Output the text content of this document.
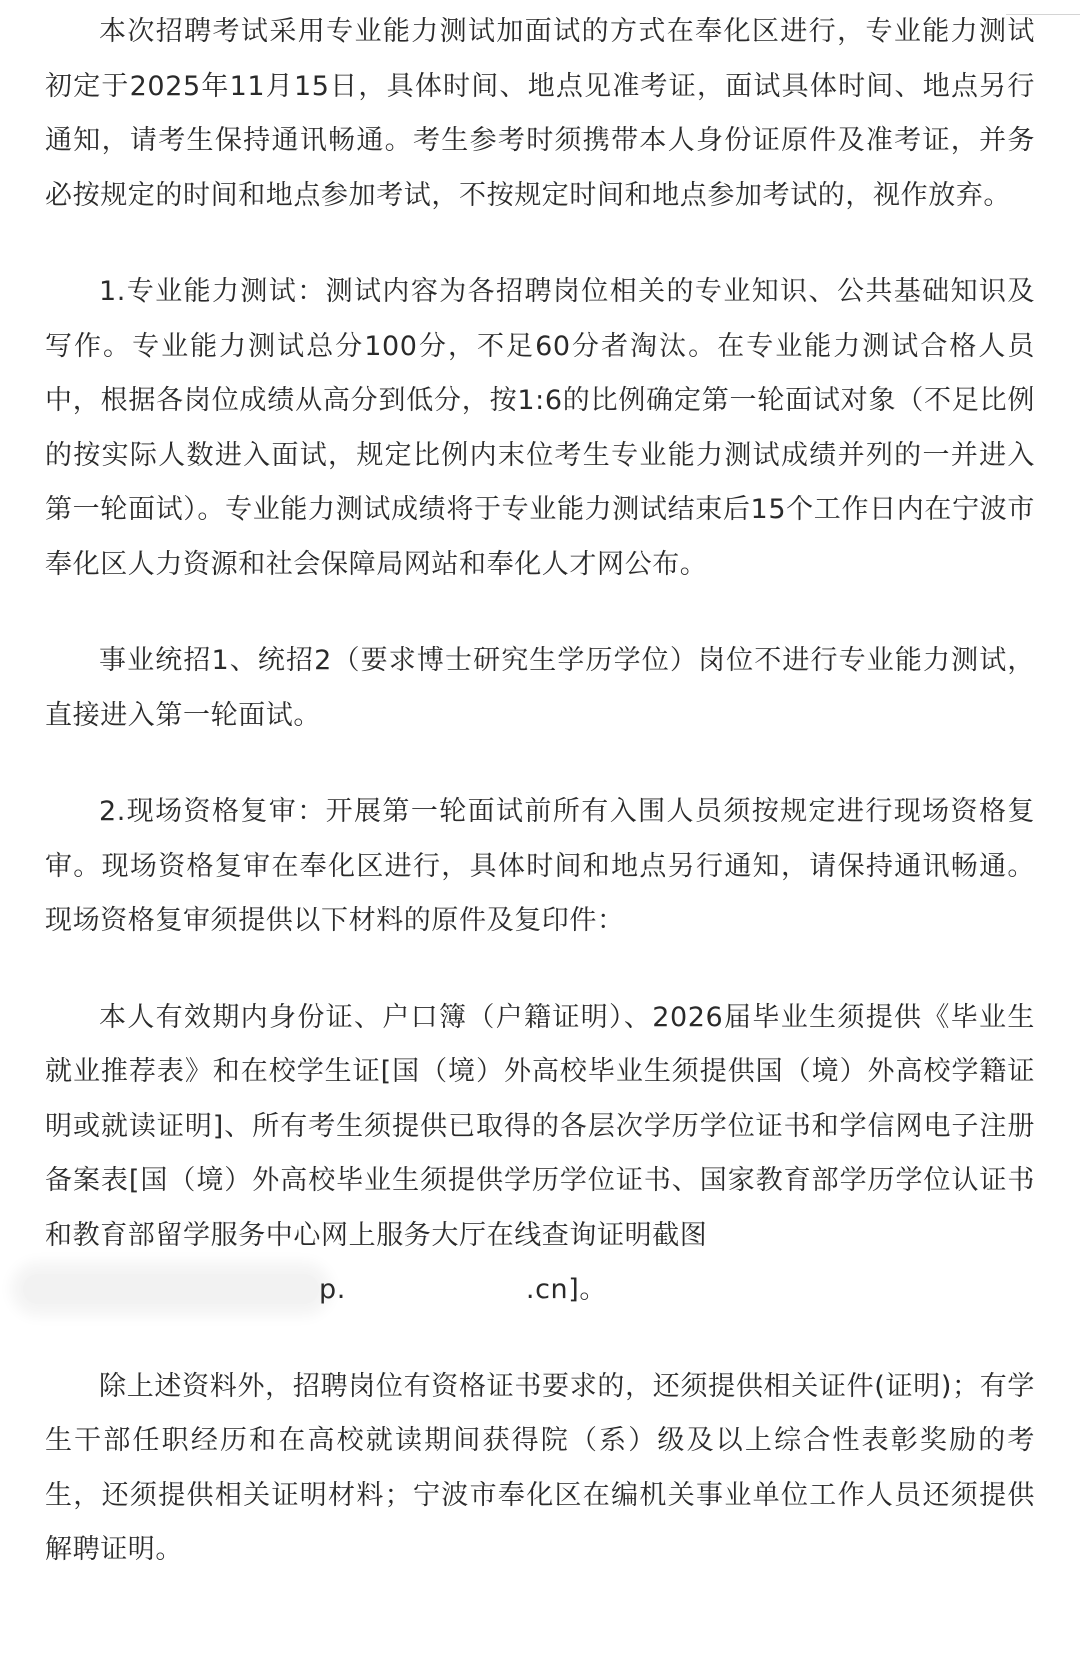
本次招聘考试采用专业能力测试加面试的方式在奉化区进行，专业能力测试初定于2025年11月15日，具体时间、地点见准考证，面试具体时间、地点另行通知，请考生保持通讯畅通。考生参考时须携带本人身份证原件及准考证，并务必按规定的时间和地点参加考试，不按规定时间和地点参加考试的，视作放弃。

1.专业能力测试：测试内容为各招聘岗位相关的专业知识、公共基础知识及写作。专业能力测试总分100分，不足60分者淘汰。在专业能力测试合格人员中，根据各岗位成绩从高分到低分，按1:6的比例确定第一轮面试对象（不足比例的按实际人数进入面试，规定比例内末位考生专业能力测试成绩并列的一并进入第一轮面试）。专业能力测试成绩将于专业能力测试结束后15个工作日内在宁波市奉化区人力资源和社会保障局网站和奉化人才网公布。

事业统招1、统招2（要求博士研究生学历学位）岗位不进行专业能力测试，直接进入第一轮面试。

2.现场资格复审：开展第一轮面试前所有入围人员须按规定进行现场资格复审。现场资格复审在奉化区进行，具体时间和地点另行通知，请保持通讯畅通。现场资格复审须提供以下材料的原件及复印件：

本人有效期内身份证、户口簿（户籍证明）、2026届毕业生须提供《毕业生就业推荐表》和在校学生证[国（境）外高校毕业生须提供国（境）外高校学籍证明或就读证明]、所有考生须提供已取得的各层次学历学位证书和学信网电子注册备案表[国（境）外高校毕业生须提供学历学位证书、国家教育部学历学位认证书和教育部留学服务中心网上服务大厅在线查询证明截图
p.	.cn]。

除上述资料外，招聘岗位有资格证书要求的，还须提供相关证件(证明)；有学生干部任职经历和在高校就读期间获得院（系）级及以上综合性表彰奖励的考生，还须提供相关证明材料；宁波市奉化区在编机关事业单位工作人员还须提供解聘证明。
